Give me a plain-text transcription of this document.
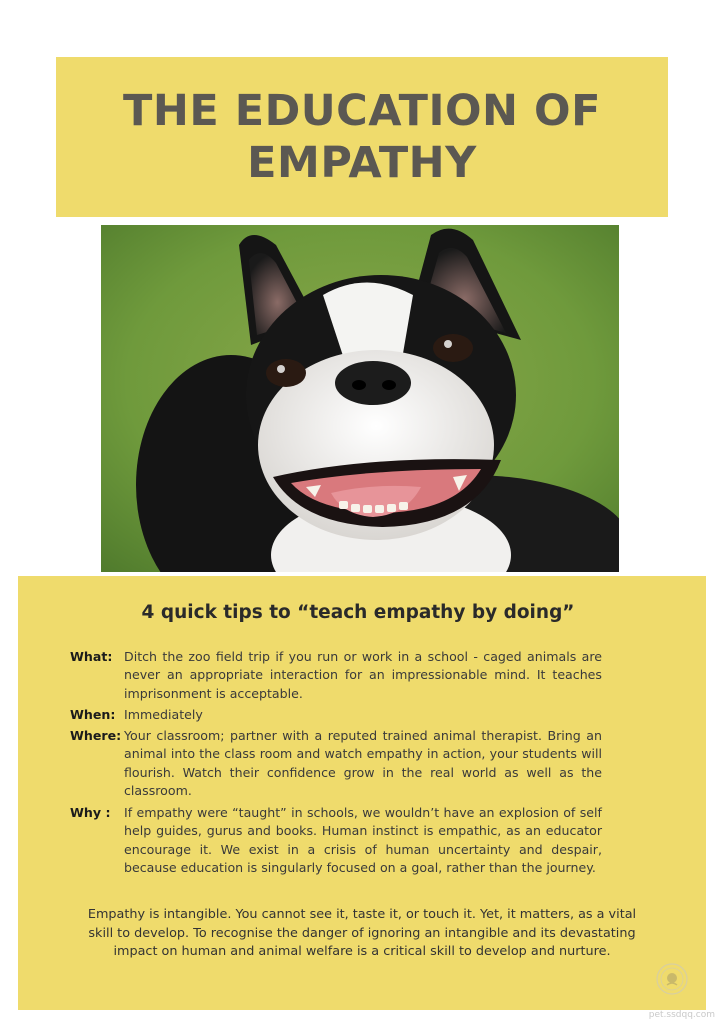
THE EDUCATION OF
EMPATHY
4 quick tips to “teach empathy by doing”
What: Ditch the zoo field trip if you run or work in a school - caged animals are never an appropriate interaction for an impressionable mind. It teaches imprisonment is acceptable.
When: Immediately
Where: Your classroom; partner with a reputed trained animal therapist. Bring an animal into the class room and watch empathy in action, your students will flourish. Watch their confidence grow in the real world as well as the classroom.
Why : If empathy were “taught” in schools, we wouldn’t have an explosion of self help guides, gurus and books. Human instinct is empathic, as an educator encourage it. We exist in a crisis of human uncertainty and despair, because education is singularly focused on a goal, rather than the journey.
Empathy is intangible. You cannot see it, taste it, or touch it. Yet, it matters, as a vital skill to develop. To recognise the danger of ignoring an intangible and its devastating impact on human and animal welfare is a critical skill to develop and nurture.
pet.ssdqq.com
